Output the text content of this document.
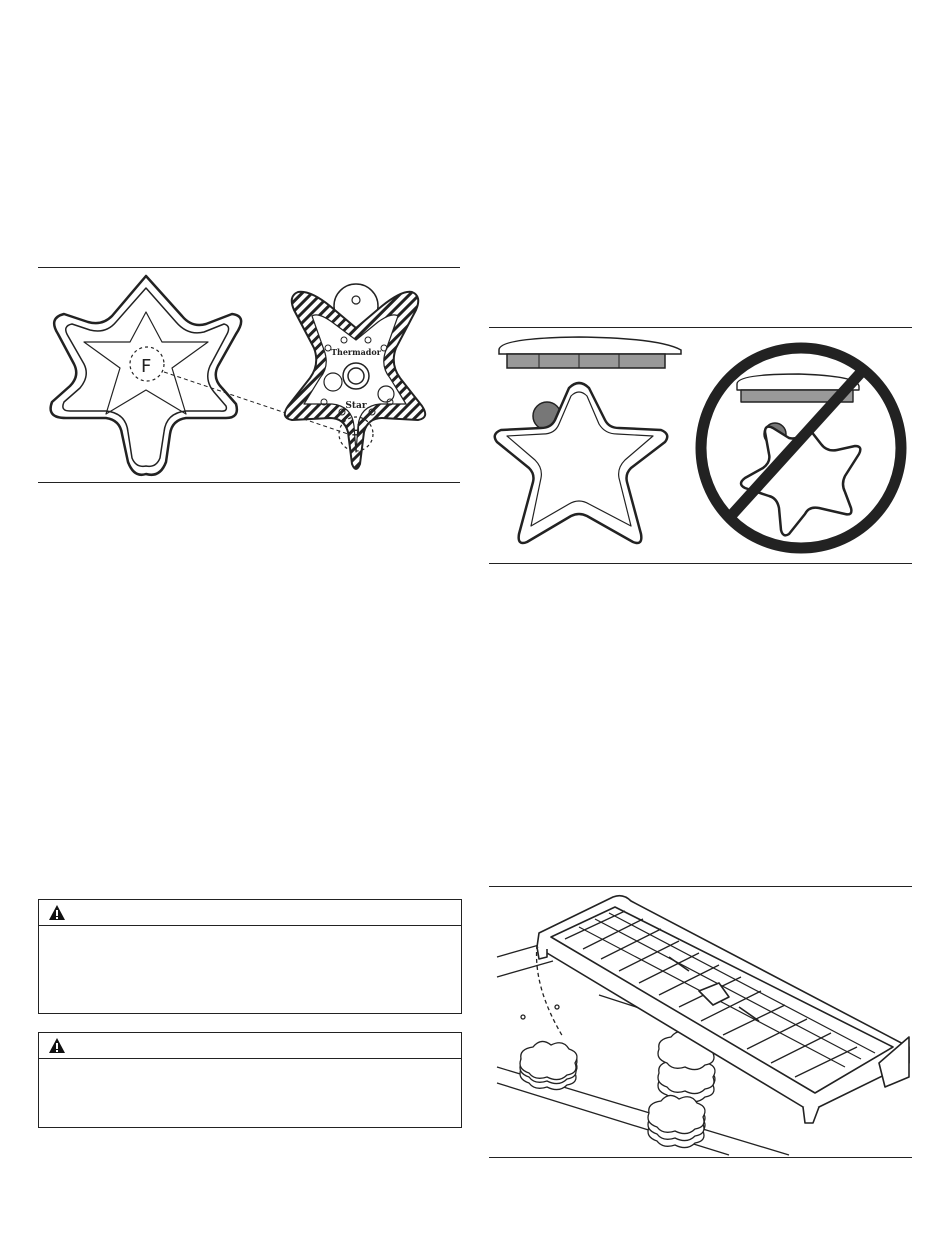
F
Thermador
Star
F
